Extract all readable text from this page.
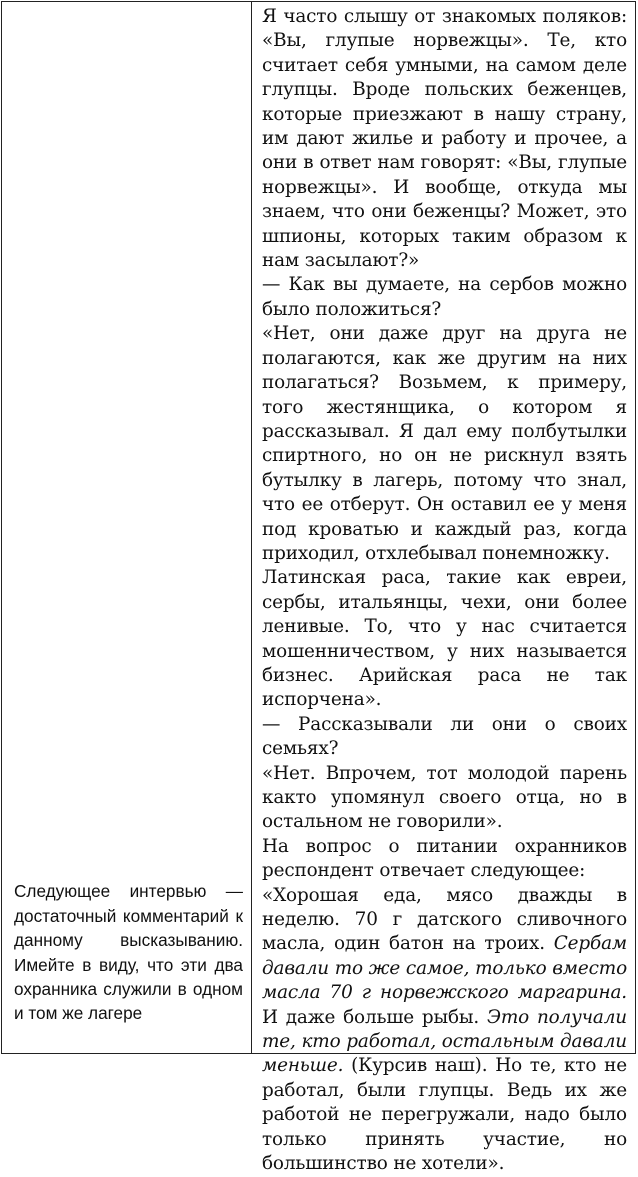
Следующее интервью — достаточный комментарий к данному высказыванию. Имейте в виду, что эти два охранника служили в одном и том же лагере

Я часто слышу от знакомых поляков: «Вы, глупые норвежцы». Те, кто считает себя умными, на самом деле глупцы. Вроде польских беженцев, которые приезжают в нашу страну, им дают жилье и работу и прочее, а они в ответ нам говорят: «Вы, глупые норвежцы». И вообще, откуда мы знаем, что они беженцы? Может, это шпионы, которых таким образом к нам засылают?»

— Как вы думаете, на сербов можно было положиться?

«Нет, они даже друг на друга не полагаются, как же другим на них полагаться? Возьмем, к примеру, того жестянщика, о котором я рассказывал. Я дал ему полбутылки спиртного, но он не рискнул взять бутылку в лагерь, потому что знал, что ее отберут. Он оставил ее у меня под кроватью и каждый раз, когда приходил, отхлебывал понемножку.

Латинская раса, такие как евреи, сербы, итальянцы, чехи, они более ленивые. То, что у нас считается мошенничеством, у них называется бизнес. Арийская раса не так испорчена».

— Рассказывали ли они о своих семьях?

«Нет. Впрочем, тот молодой парень както упомянул своего отца, но в остальном не говорили».

На вопрос о питании охранников респондент отвечает следующее:

«Хорошая еда, мясо дважды в неделю. 70 г датского сливочного масла, один батон на троих. Сербам давали то же самое, только вместо масла 70 г норвежского маргарина. И даже больше рыбы. Это получали те, кто работал, остальным давали меньше. (Курсив наш). Но те, кто не работал, были глупцы. Ведь их же работой не перегружали, надо было только принять участие, но большинство не хотели».
